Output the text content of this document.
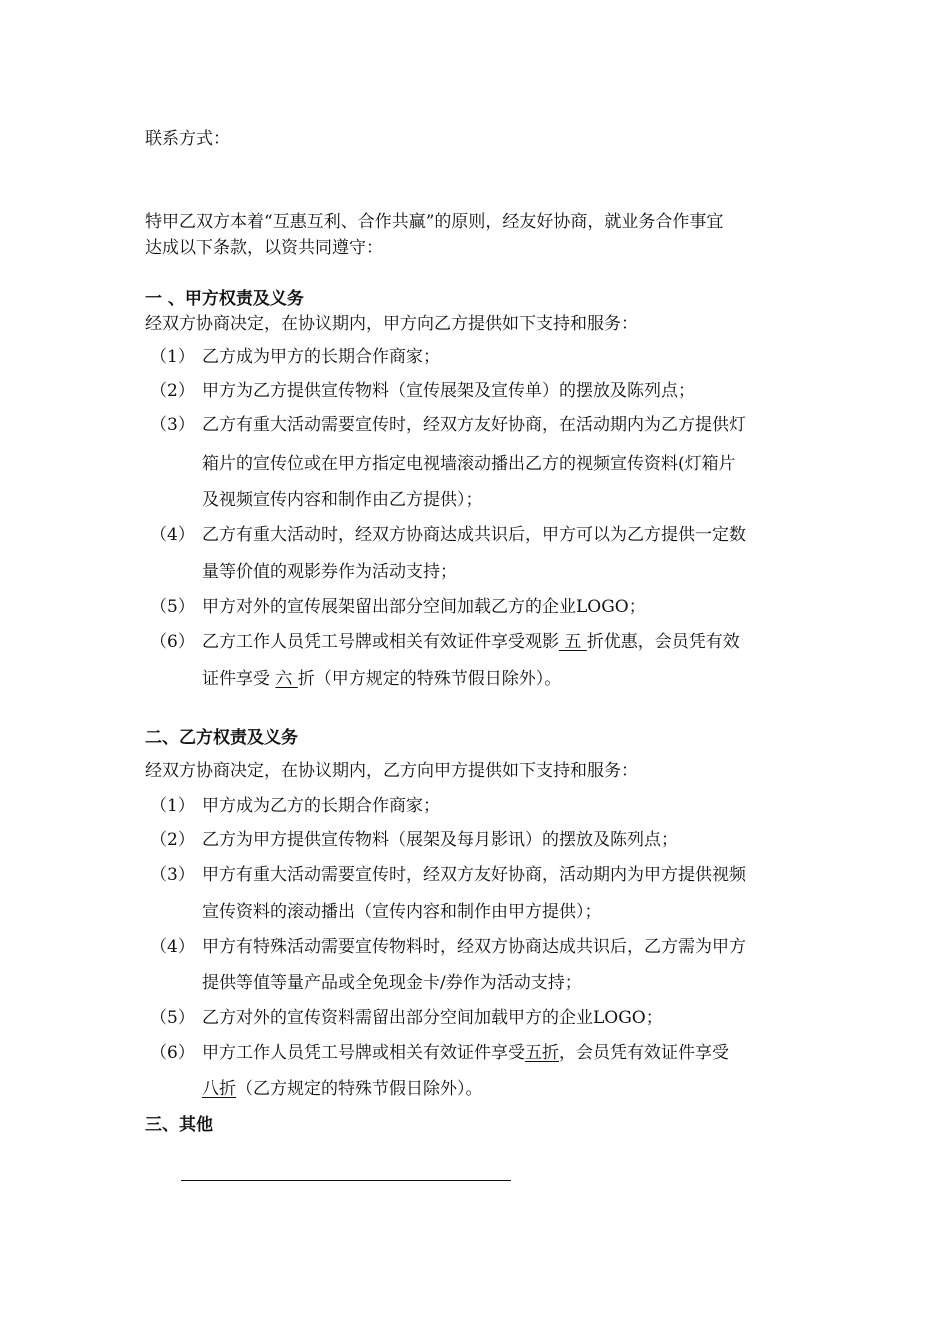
联系方式：
特甲乙双方本着“互惠互利、合作共赢”的原则，经友好协商，就业务合作事宜
达成以下条款，以资共同遵守：
一 、甲方权责及义务
经双方协商决定，在协议期内，甲方向乙方提供如下支持和服务：
（1） 乙方成为甲方的长期合作商家；
（2） 甲方为乙方提供宣传物料（宣传展架及宣传单）的摆放及陈列点；
（3） 乙方有重大活动需要宣传时，经双方友好协商，在活动期内为乙方提供灯
箱片的宣传位或在甲方指定电视墙滚动播出乙方的视频宣传资料(灯箱片
及视频宣传内容和制作由乙方提供）；
（4） 乙方有重大活动时，经双方协商达成共识后，甲方可以为乙方提供一定数
量等价值的观影券作为活动支持；
（5） 甲方对外的宣传展架留出部分空间加载乙方的企业LOGO；
（6） 乙方工作人员凭工号牌或相关有效证件享受观影 五 折优惠，会员凭有效
证件享受 六 折（甲方规定的特殊节假日除外）。
二、乙方权责及义务
经双方协商决定，在协议期内，乙方向甲方提供如下支持和服务：
（1） 甲方成为乙方的长期合作商家；
（2） 乙方为甲方提供宣传物料（展架及每月影讯）的摆放及陈列点；
（3） 甲方有重大活动需要宣传时，经双方友好协商，活动期内为甲方提供视频
宣传资料的滚动播出（宣传内容和制作由甲方提供）；
（4） 甲方有特殊活动需要宣传物料时，经双方协商达成共识后，乙方需为甲方
提供等值等量产品或全免现金卡/券作为活动支持；
（5） 乙方对外的宣传资料需留出部分空间加载甲方的企业LOGO；
（6） 甲方工作人员凭工号牌或相关有效证件享受五折，会员凭有效证件享受
八折（乙方规定的特殊节假日除外）。
三、其他
